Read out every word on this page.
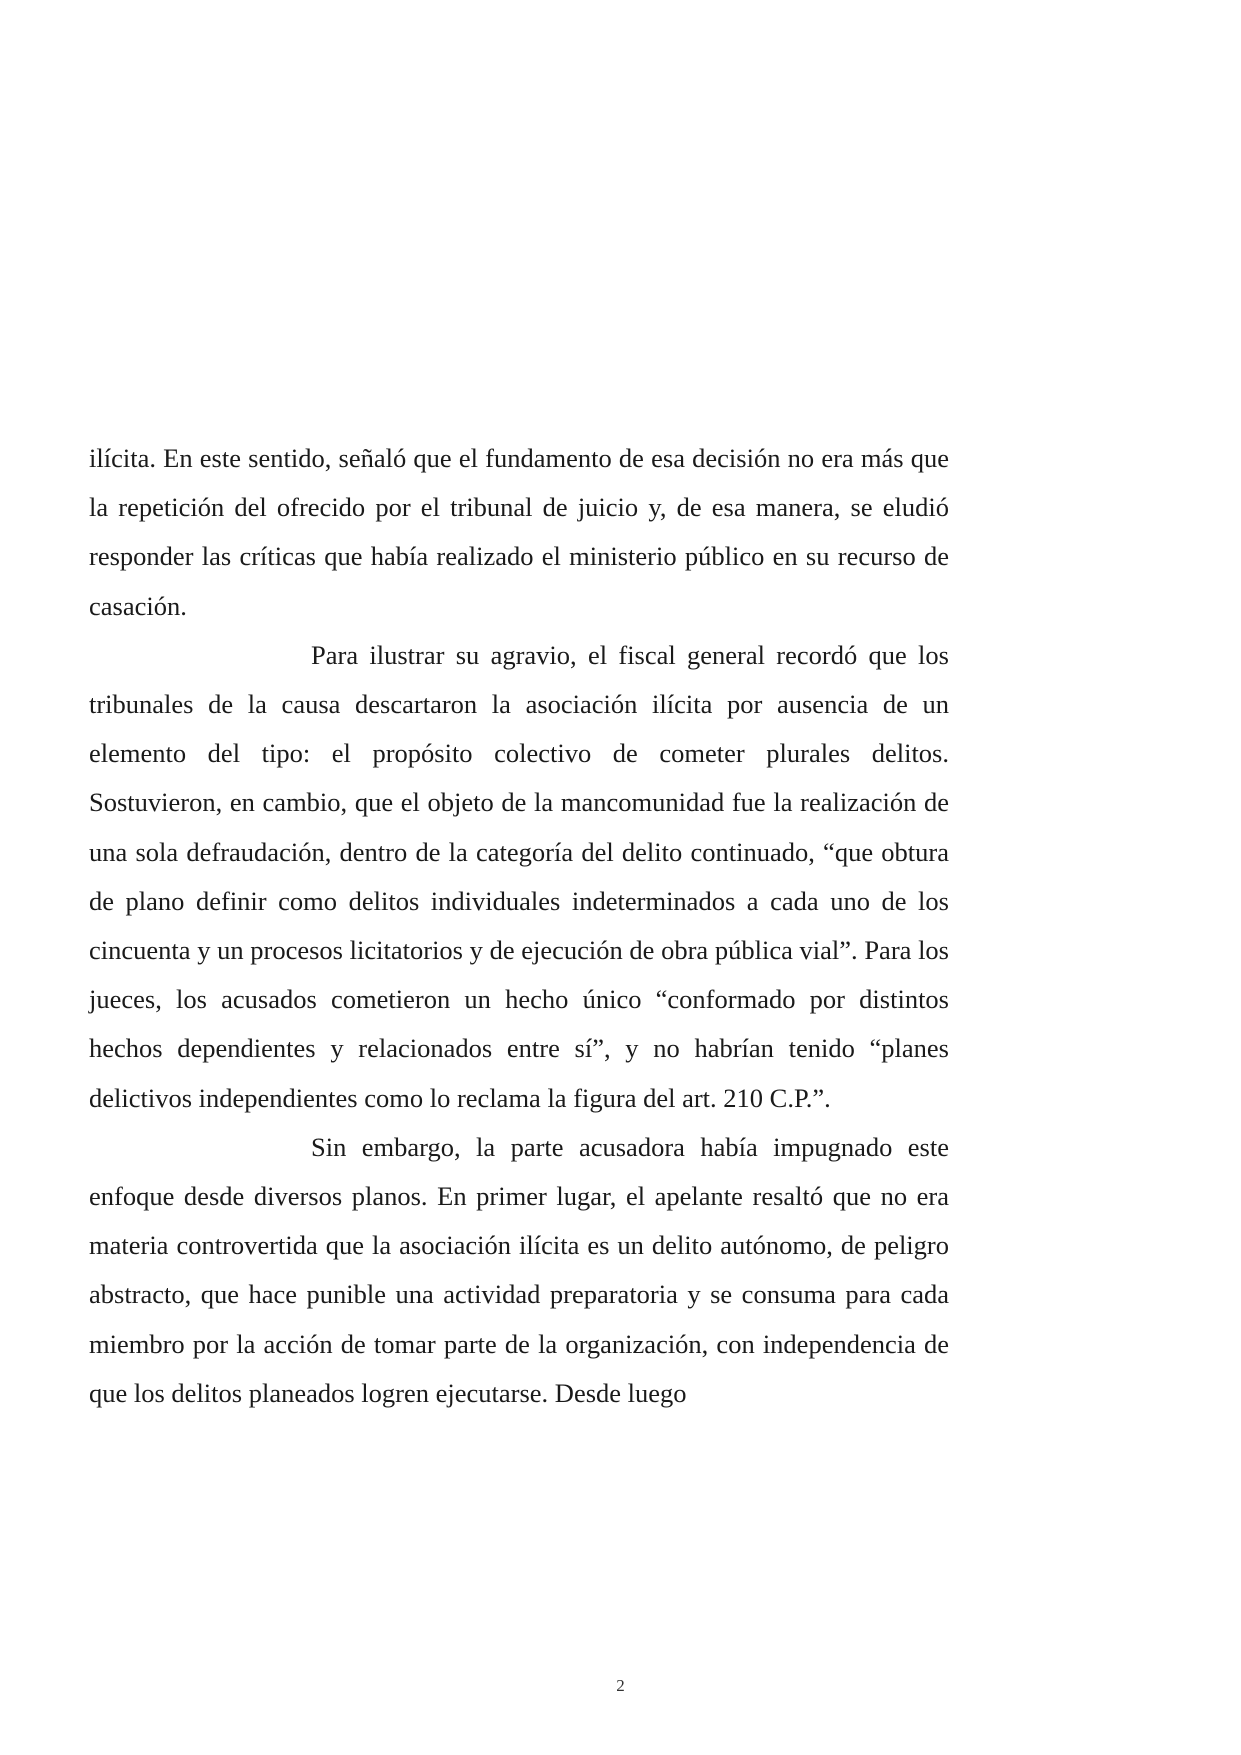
ilícita. En este sentido, señaló que el fundamento de esa decisión no era más que la repetición del ofrecido por el tribunal de juicio y, de esa manera, se eludió responder las críticas que había realizado el ministerio público en su recurso de casación.

Para ilustrar su agravio, el fiscal general recordó que los tribunales de la causa descartaron la asociación ilícita por ausencia de un elemento del tipo: el propósito colectivo de cometer plurales delitos. Sostuvieron, en cambio, que el objeto de la mancomunidad fue la realización de una sola defraudación, dentro de la categoría del delito continuado, “que obtura de plano definir como delitos individuales indeterminados a cada uno de los cincuenta y un procesos licitatorios y de ejecución de obra pública vial”. Para los jueces, los acusados cometieron un hecho único “conformado por distintos hechos dependientes y relacionados entre sí”, y no habrían tenido “planes delictivos independientes como lo reclama la figura del art. 210 C.P.”.

Sin embargo, la parte acusadora había impugnado este enfoque desde diversos planos. En primer lugar, el apelante resaltó que no era materia controvertida que la asociación ilícita es un delito autónomo, de peligro abstracto, que hace punible una actividad preparatoria y se consuma para cada miembro por la acción de tomar parte de la organización, con independencia de que los delitos planeados logren ejecutarse. Desde luego

2
